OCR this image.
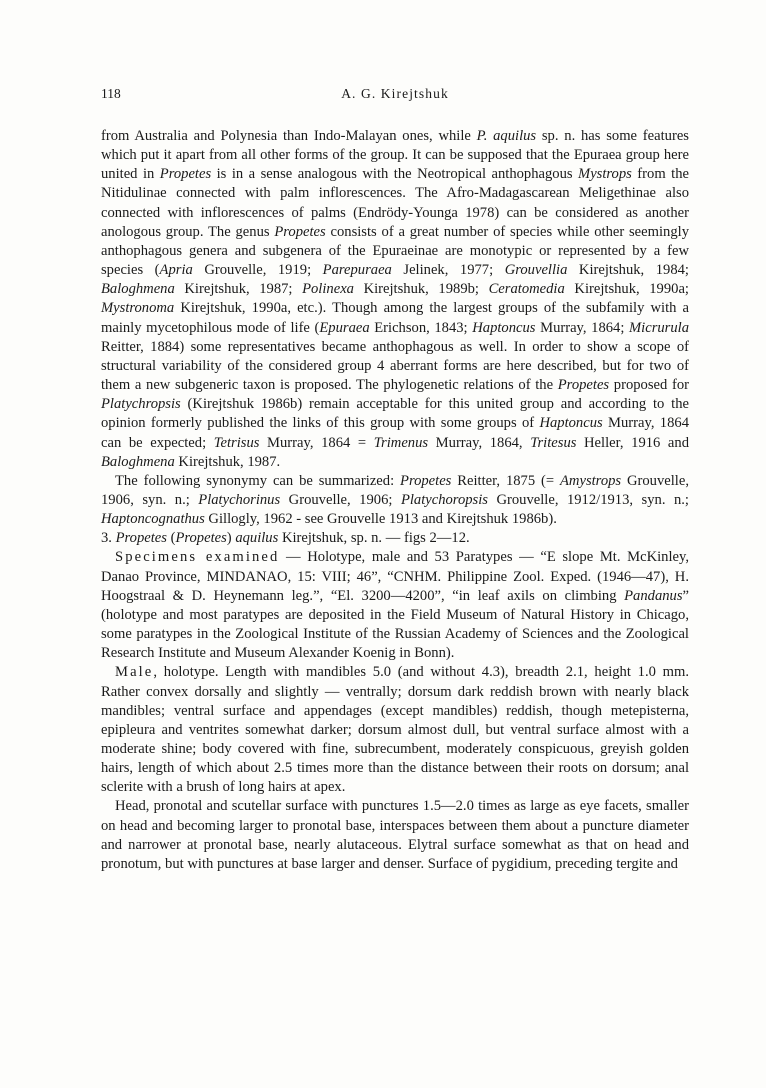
118	A. G. Kirejtshuk

from Australia and Polynesia than Indo-Malayan ones, while P. aquilus sp. n. has some features which put it apart from all other forms of the group. It can be supposed that the Epuraea group here united in Propetes is in a sense analogous with the Neotropical anthophagous Mystrops from the Nitidulinae connected with palm inflorescences. The Afro-Madagascarean Meligethinae also connected with inflorescences of palms (Endrödy-Younga 1978) can be considered as another anologous group. The genus Propetes consists of a great number of species while other seemingly anthophagous genera and subgenera of the Epuraeinae are monotypic or represented by a few species (Apria Grouvelle, 1919; Parepuraea Jelinek, 1977; Grouvellia Kirejtshuk, 1984; Baloghmena Kirejtshuk, 1987; Polinexa Kirejtshuk, 1989b; Ceratomedia Kirejtshuk, 1990a; Mystronoma Kirejtshuk, 1990a, etc.). Though among the largest groups of the subfamily with a mainly mycetophilous mode of life (Epuraea Erichson, 1843; Haptoncus Murray, 1864; Micrurula Reitter, 1884) some representatives became anthophagous as well. In order to show a scope of structural variability of the considered group 4 aberrant forms are here described, but for two of them a new subgeneric taxon is proposed. The phylogenetic relations of the Propetes proposed for Platychropsis (Kirejtshuk 1986b) remain acceptable for this united group and according to the opinion formerly published the links of this group with some groups of Haptoncus Murray, 1864 can be expected; Tetrisus Murray, 1864 = Trimenus Murray, 1864, Tritesus Heller, 1916 and Baloghmena Kirejtshuk, 1987.

The following synonymy can be summarized: Propetes Reitter, 1875 (= Amystrops Grouvelle, 1906, syn. n.; Platychorinus Grouvelle, 1906; Platychoropsis Grouvelle, 1912/1913, syn. n.; Haptoncognathus Gillogly, 1962 - see Grouvelle 1913 and Kirejtshuk 1986b).

3. Propetes (Propetes) aquilus Kirejtshuk, sp. n. — figs 2—12.

Specimens examined — Holotype, male and 53 Paratypes — “E slope Mt. McKinley, Danao Province, MINDANAO, 15: VIII; 46”, “CNHM. Philippine Zool. Exped. (1946—47), H. Hoogstraal & D. Heynemann leg.”, “El. 3200—4200”, “in leaf axils on climbing Pandanus” (holotype and most paratypes are deposited in the Field Museum of Natural History in Chicago, some paratypes in the Zoological Institute of the Russian Academy of Sciences and the Zoological Research Institute and Museum Alexander Koenig in Bonn).

Male, holotype. Length with mandibles 5.0 (and without 4.3), breadth 2.1, height 1.0 mm. Rather convex dorsally and slightly — ventrally; dorsum dark reddish brown with nearly black mandibles; ventral surface and appendages (except mandibles) reddish, though metepisterna, epipleura and ventrites somewhat darker; dorsum almost dull, but ventral surface almost with a moderate shine; body covered with fine, subrecumbent, moderately conspicuous, greyish golden hairs, length of which about 2.5 times more than the distance between their roots on dorsum; anal sclerite with a brush of long hairs at apex.

Head, pronotal and scutellar surface with punctures 1.5—2.0 times as large as eye facets, smaller on head and becoming larger to pronotal base, interspaces between them about a puncture diameter and narrower at pronotal base, nearly alutaceous. Elytral surface somewhat as that on head and pronotum, but with punctures at base larger and denser. Surface of pygidium, preceding tergite and
